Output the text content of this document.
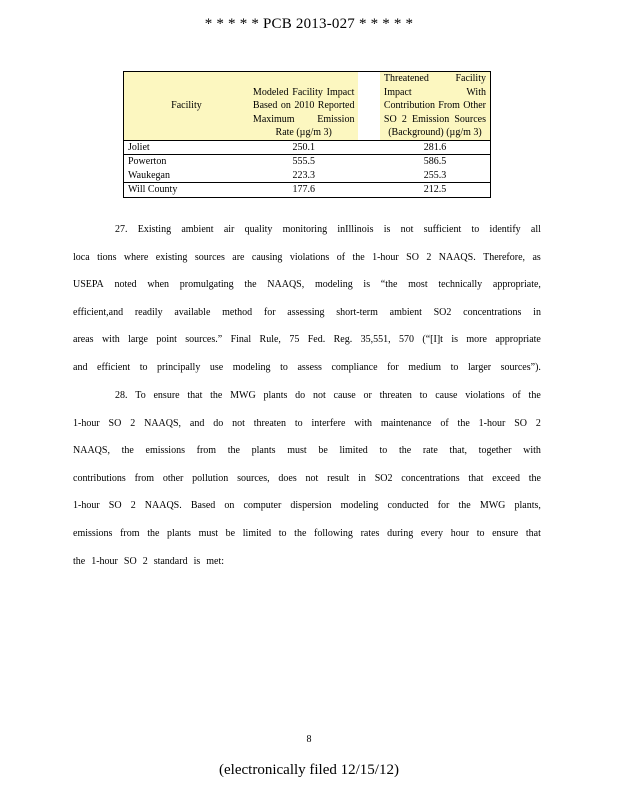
* * * * * PCB 2013-027 * * * * *
Facility	Modeled Facility Impact Based on 2010 Reported Maximum Emission Rate (µg/m 3)		Threatened Facility Impact With Contribution From Other SO 2 Emission Sources (Background) (µg/m 3)

Joliet	250.1		281.6
Powerton	555.5		586.5
Waukegan	223.3		255.3
Will County	177.6		212.5
27. Existing ambient air quality monitoring inIllinois is not sufficient to identify all
loca tions where existing sources are causing violations of the 1-hour SO 2 NAAQS. Therefore, as
USEPA noted when promulgating the NAAQS, modeling is “the most technically appropriate,
efficient,and readily available method for assessing short-term ambient SO2 concentrations in
areas with large point sources.” Final Rule, 75 Fed. Reg. 35,551, 570 (“[I]t is more appropriate
and efficient to principally use modeling to assess compliance for medium to larger sources”).
28. To ensure that the MWG plants do not cause or threaten to cause violations of the
1-hour SO 2 NAAQS, and do not threaten to interfere with maintenance of the 1-hour SO 2
NAAQS, the emissions from the plants must be limited to the rate that, together with
contributions from other pollution sources, does not result in SO2 concentrations that exceed the
1-hour SO 2 NAAQS. Based on computer dispersion modeling conducted for the MWG plants,
emissions from the plants must be limited to the following rates during every hour to ensure that
the 1-hour SO 2 standard is met:
8
(electronically filed 12/15/12)
